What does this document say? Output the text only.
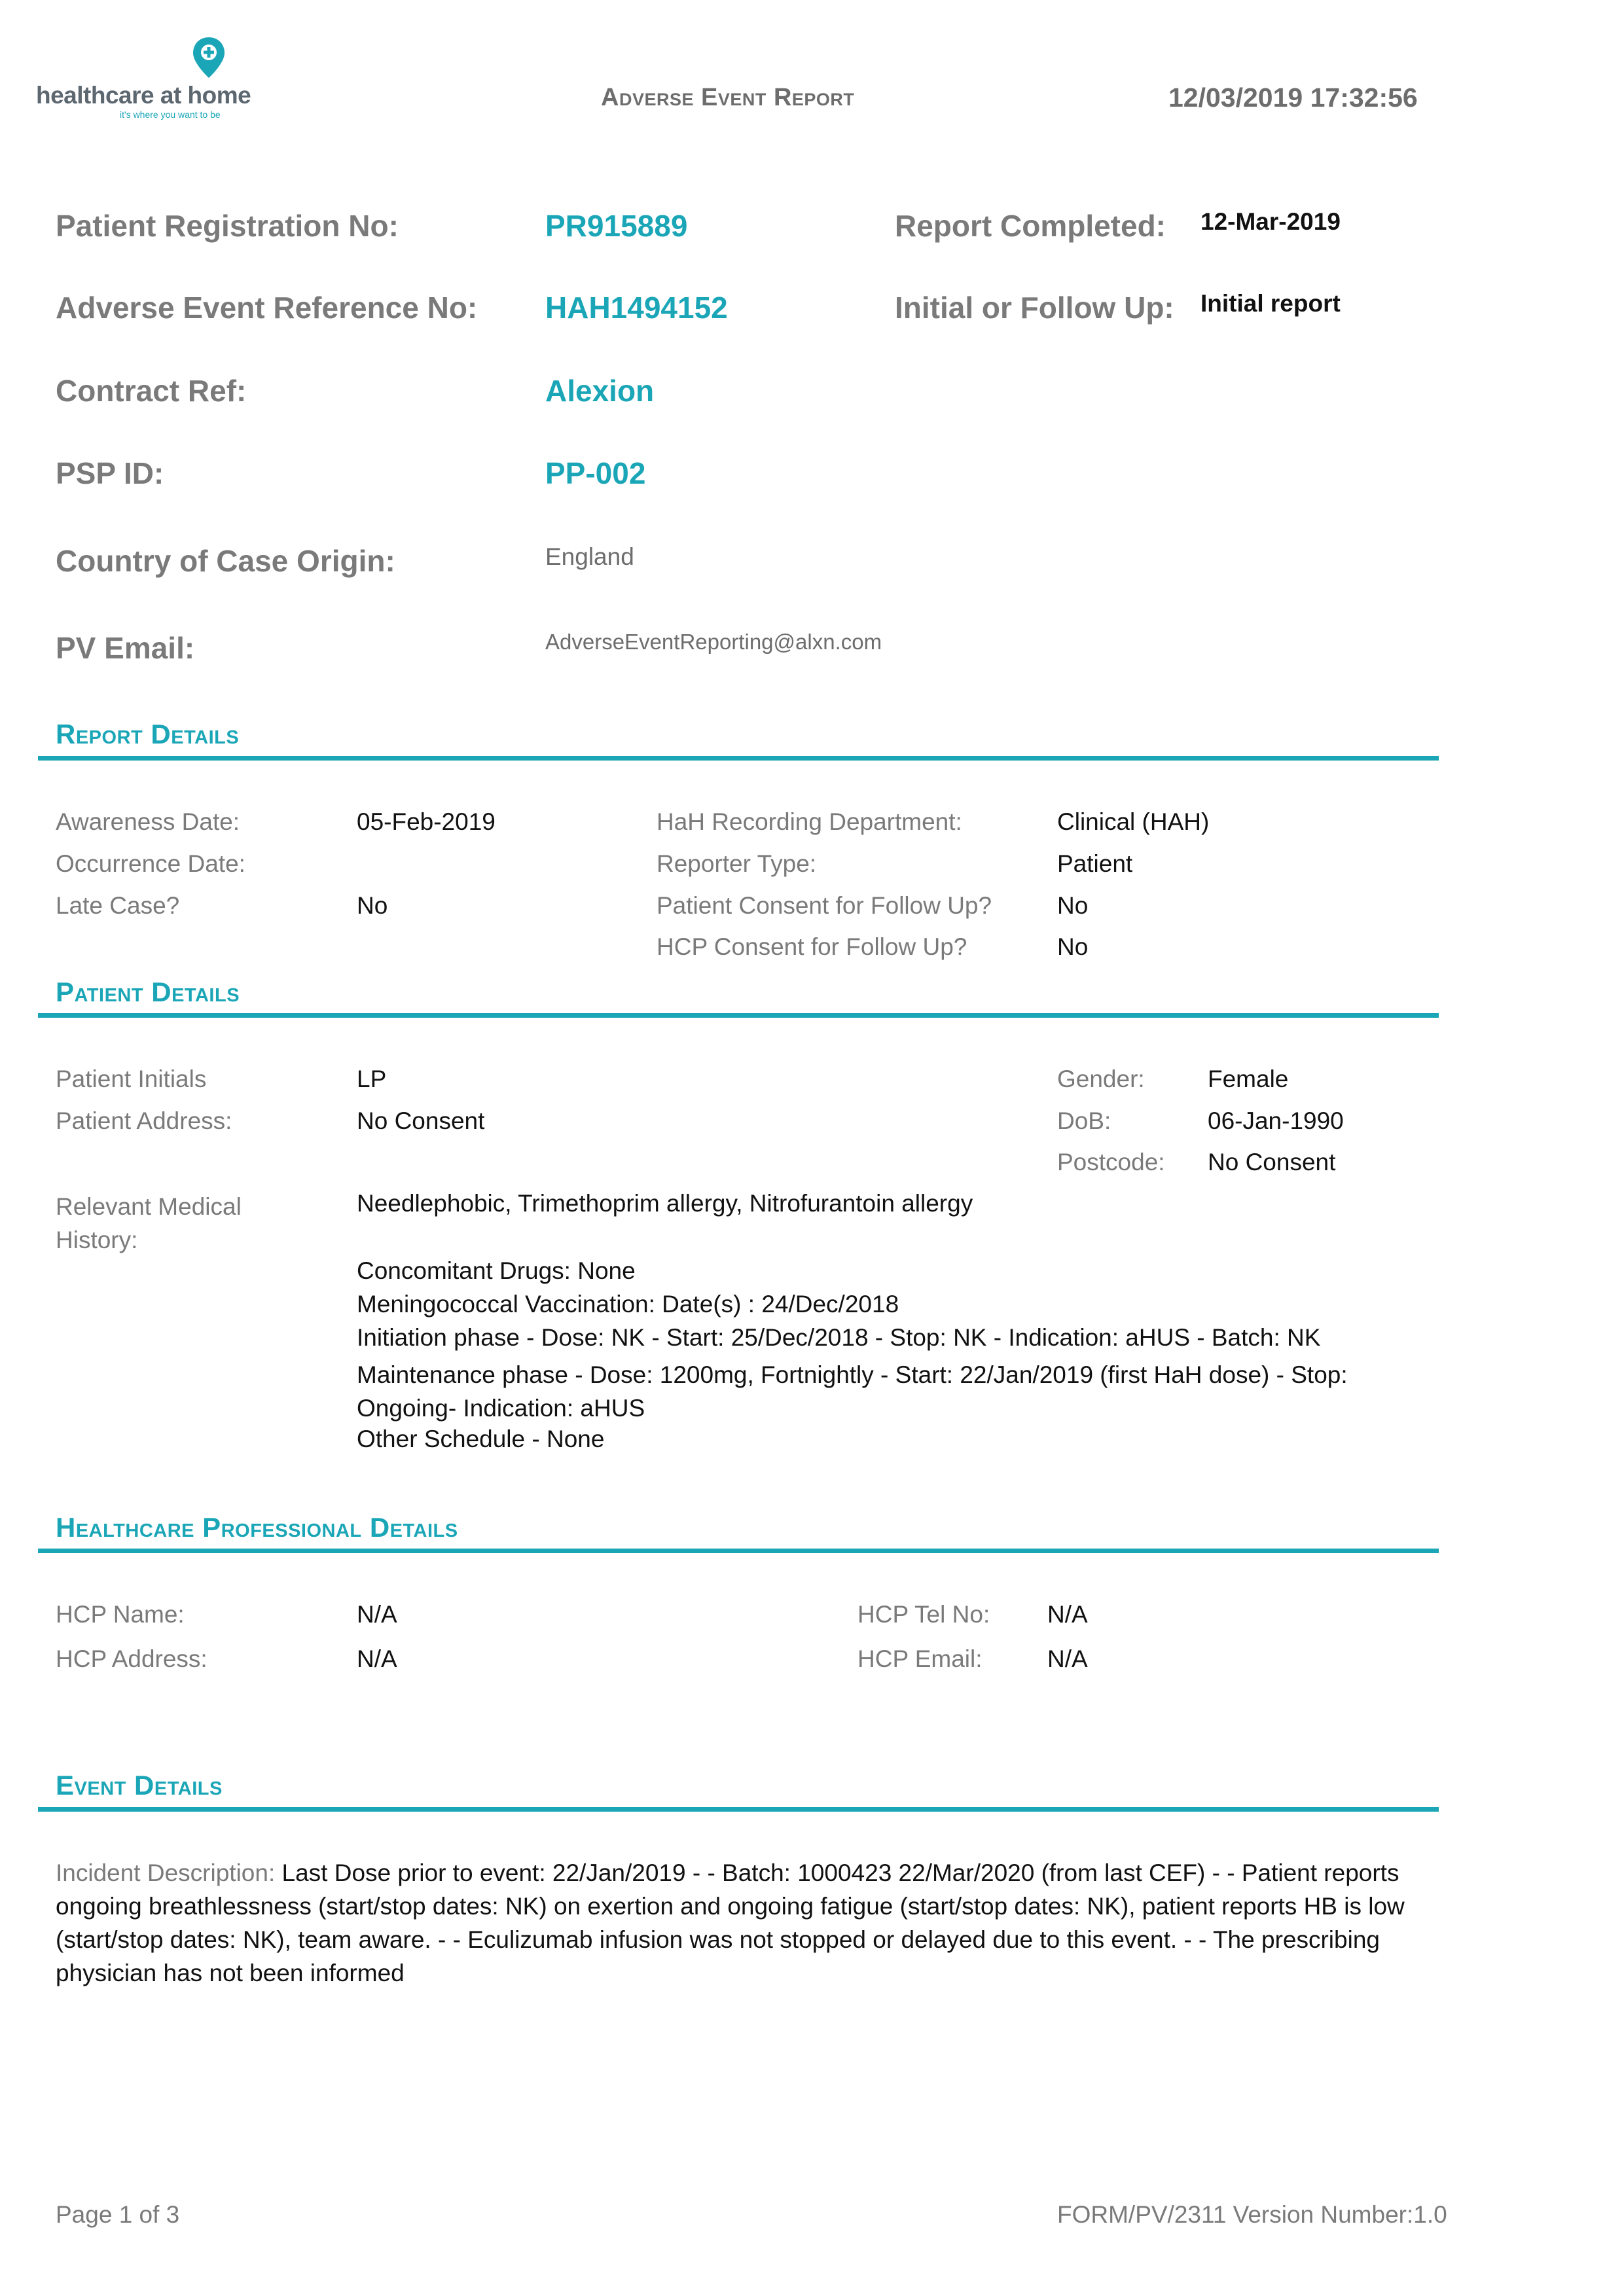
healthcare at home
it's where you want to be
Adverse Event Report	12/03/2019 17:32:56
Patient Registration No:	PR915889
Adverse Event Reference No: HAH1494152
Contract Ref:	Alexion
PSP ID:	PP-002
Country of Case Origin:	England
PV Email:	AdverseEventReporting@alxn.com
Report Completed: 12-Mar-2019
Initial or Follow Up: Initial report
Report Details
Awareness Date:	05-Feb-2019
Occurrence Date:
Late Case?	No
HaH Recording Department:	Clinical (HAH)
Reporter Type:	Patient
Patient Consent for Follow Up?	No
HCP Consent for Follow Up?	No
Patient Details
Patient Initials	LP
Patient Address:	No Consent
Gender:	Female
DoB:	06-Jan-1990
Postcode: No Consent
Relevant Medical History:
Needlephobic, Trimethoprim allergy, Nitrofurantoin allergy
Concomitant Drugs: None
Meningococcal Vaccination: Date(s) : 24/Dec/2018
Initiation phase - Dose: NK - Start: 25/Dec/2018 - Stop: NK - Indication: aHUS - Batch: NK
Maintenance phase - Dose: 1200mg, Fortnightly - Start: 22/Jan/2019 (first HaH dose) - Stop: Ongoing- Indication: aHUS
Other Schedule - None
Healthcare Professional Details
HCP Name:	N/A
HCP Address:	N/A
HCP Tel No: N/A
HCP Email:	N/A
Event Details
Incident Description: Last Dose prior to event: 22/Jan/2019 - - Batch: 1000423 22/Mar/2020 (from last CEF) - - Patient reports ongoing breathlessness (start/stop dates: NK) on exertion and ongoing fatigue (start/stop dates: NK), patient reports HB is low (start/stop dates: NK), team aware. - - Eculizumab infusion was not stopped or delayed due to this event. - - The prescribing physician has not been informed
Page 1 of 3	FORM/PV/2311 Version Number:1.0
